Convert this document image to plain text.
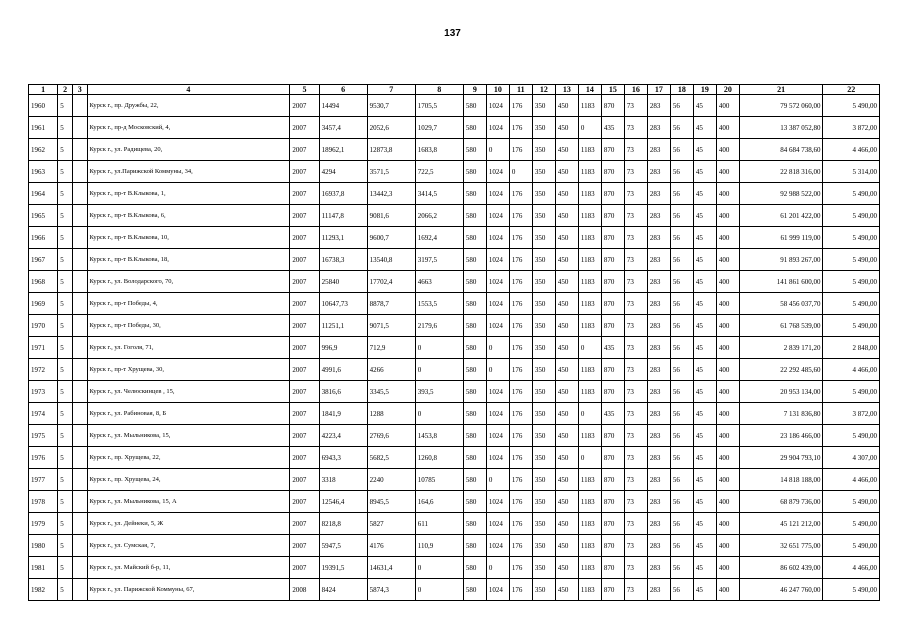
137
1	2	3	4	5	6	7	8	9	10	11	12	13	14	15	16	17	18	19	20	21	22
1960	5		Курск г., пр. Дружбы, 22,	2007	14494	9530,7	1705,5	580	1024	176	350	450	1183	870	73	283	56	45	400	79 572 060,00	5 490,00
1961	5		Курск г., пр-д Московский, 4,	2007	3457,4	2052,6	1029,7	580	1024	176	350	450	0	435	73	283	56	45	400	13 387 052,80	3 872,00
1962	5		Курск г., ул. Радищева, 20,	2007	18962,1	12873,8	1683,8	580	0	176	350	450	1183	870	73	283	56	45	400	84 684 738,60	4 466,00
1963	5		Курск г., ул.Парижской Коммуны, 34,	2007	4294	3571,5	722,5	580	1024	0	350	450	1183	870	73	283	56	45	400	22 818 316,00	5 314,00
1964	5		Курск г., пр-т В.Клыкова, 1,	2007	16937,8	13442,3	3414,5	580	1024	176	350	450	1183	870	73	283	56	45	400	92 988 522,00	5 490,00
1965	5		Курск г., пр-т В.Клыкова, 6,	2007	11147,8	9081,6	2066,2	580	1024	176	350	450	1183	870	73	283	56	45	400	61 201 422,00	5 490,00
1966	5		Курск г., пр-т В.Клыкова, 10,	2007	11293,1	9600,7	1692,4	580	1024	176	350	450	1183	870	73	283	56	45	400	61 999 119,00	5 490,00
1967	5		Курск г., пр-т В.Клыкова, 18,	2007	16738,3	13540,8	3197,5	580	1024	176	350	450	1183	870	73	283	56	45	400	91 893 267,00	5 490,00
1968	5		Курск г., ул. Володарского, 70,	2007	25840	17702,4	4663	580	1024	176	350	450	1183	870	73	283	56	45	400	141 861 600,00	5 490,00
1969	5		Курск г., пр-т Победы, 4,	2007	10647,73	8878,7	1553,5	580	1024	176	350	450	1183	870	73	283	56	45	400	58 456 037,70	5 490,00
1970	5		Курск г., пр-т Победы, 30,	2007	11251,1	9071,5	2179,6	580	1024	176	350	450	1183	870	73	283	56	45	400	61 768 539,00	5 490,00
1971	5		Курск г., ул. Гоголя, 71,	2007	996,9	712,9	0	580	0	176	350	450	0	435	73	283	56	45	400	2 839 171,20	2 848,00
1972	5		Курск г., пр-т Хрущева, 30,	2007	4991,6	4266	0	580	0	176	350	450	1183	870	73	283	56	45	400	22 292 485,60	4 466,00
1973	5		Курск г., ул. Челюскинцев , 15,	2007	3816,6	3345,5	393,5	580	1024	176	350	450	1183	870	73	283	56	45	400	20 953 134,00	5 490,00
1974	5		Курск г., ул. Рабиновая, 8, Б	2007	1841,9	1288	0	580	1024	176	350	450	0	435	73	283	56	45	400	7 131 836,80	3 872,00
1975	5		Курск г., ул. Мыльникова, 15,	2007	4223,4	2769,6	1453,8	580	1024	176	350	450	1183	870	73	283	56	45	400	23 186 466,00	5 490,00
1976	5		Курск г., пр. Хрущева, 22,	2007	6943,3	5682,5	1260,8	580	1024	176	350	450	0	870	73	283	56	45	400	29 904 793,10	4 307,00
1977	5		Курск г., пр. Хрущева, 24,	2007	3318	2240	10785	580	0	176	350	450	1183	870	73	283	56	45	400	14 818 188,00	4 466,00
1978	5		Курск г., ул. Мыльникова, 15, А	2007	12546,4	8945,5	164,6	580	1024	176	350	450	1183	870	73	283	56	45	400	68 879 736,00	5 490,00
1979	5		Курск г., ул. Дейнеки, 5, Ж	2007	8218,8	5827	611	580	1024	176	350	450	1183	870	73	283	56	45	400	45 121 212,00	5 490,00
1980	5		Курск г., ул. Сумская, 7,	2007	5947,5	4176	110,9	580	1024	176	350	450	1183	870	73	283	56	45	400	32 651 775,00	5 490,00
1981	5		Курск г., ул. Майский б-р, 11,	2007	19391,5	14631,4	0	580	0	176	350	450	1183	870	73	283	56	45	400	86 602 439,00	4 466,00
1982	5		Курск г., ул. Парижской Коммуны, 67,	2008	8424	5874,3	0	580	1024	176	350	450	1183	870	73	283	56	45	400	46 247 760,00	5 490,00
